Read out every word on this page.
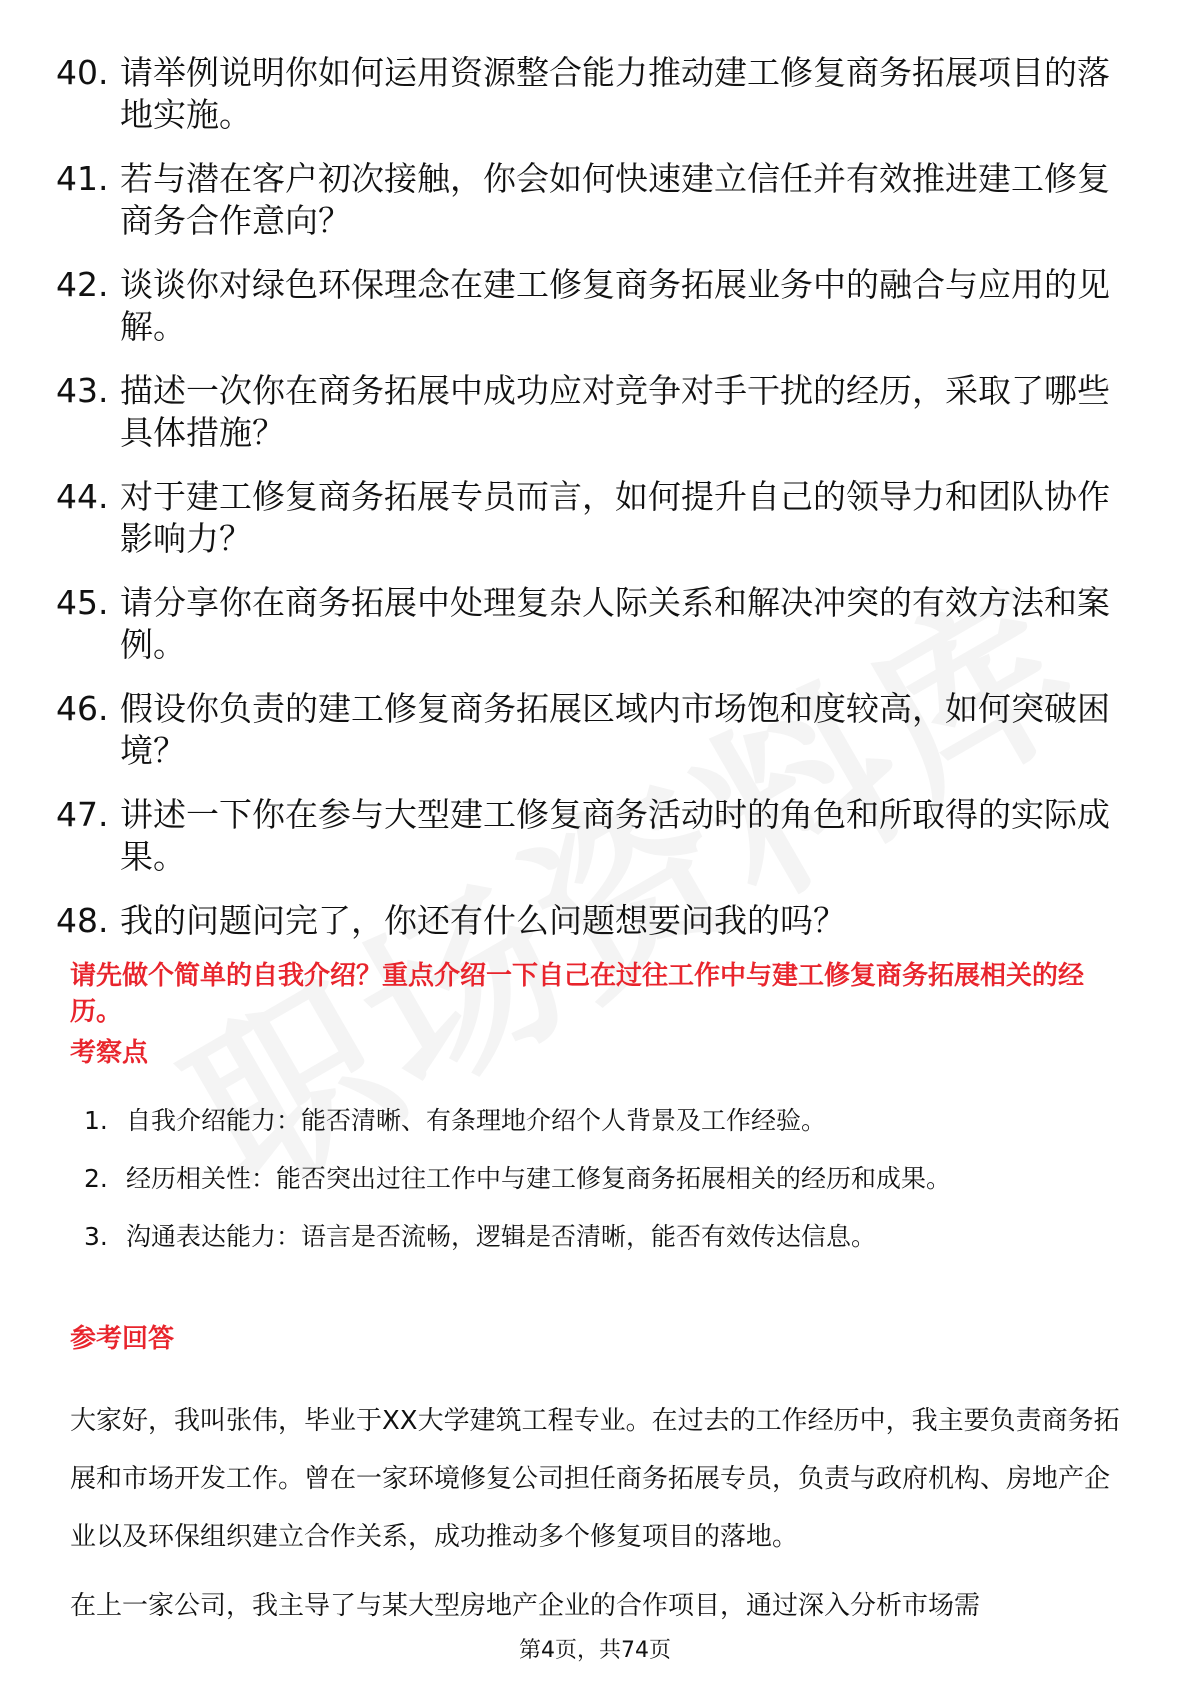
40. 请举例说明你如何运用资源整合能力推动建工修复商务拓展项目的落地实施。
41. 若与潜在客户初次接触，你会如何快速建立信任并有效推进建工修复商务合作意向？
42. 谈谈你对绿色环保理念在建工修复商务拓展业务中的融合与应用的见解。
43. 描述一次你在商务拓展中成功应对竞争对手干扰的经历，采取了哪些具体措施？
44. 对于建工修复商务拓展专员而言，如何提升自己的领导力和团队协作影响力？
45. 请分享你在商务拓展中处理复杂人际关系和解决冲突的有效方法和案例。
46. 假设你负责的建工修复商务拓展区域内市场饱和度较高，如何突破困境？
47. 讲述一下你在参与大型建工修复商务活动时的角色和所取得的实际成果。
48. 我的问题问完了，你还有什么问题想要问我的吗？

请先做个简单的自我介绍？重点介绍一下自己在过往工作中与建工修复商务拓展相关的经历。

考察点

1. 自我介绍能力：能否清晰、有条理地介绍个人背景及工作经验。
2. 经历相关性：能否突出过往工作中与建工修复商务拓展相关的经历和成果。
3. 沟通表达能力：语言是否流畅，逻辑是否清晰，能否有效传达信息。

参考回答

大家好，我叫张伟，毕业于XX大学建筑工程专业。在过去的工作经历中，我主要负责商务拓展和市场开发工作。曾在一家环境修复公司担任商务拓展专员，负责与政府机构、房地产企业以及环保组织建立合作关系，成功推动多个修复项目的落地。

在上一家公司，我主导了与某大型房地产企业的合作项目，通过深入分析市场需

第4页，共74页
